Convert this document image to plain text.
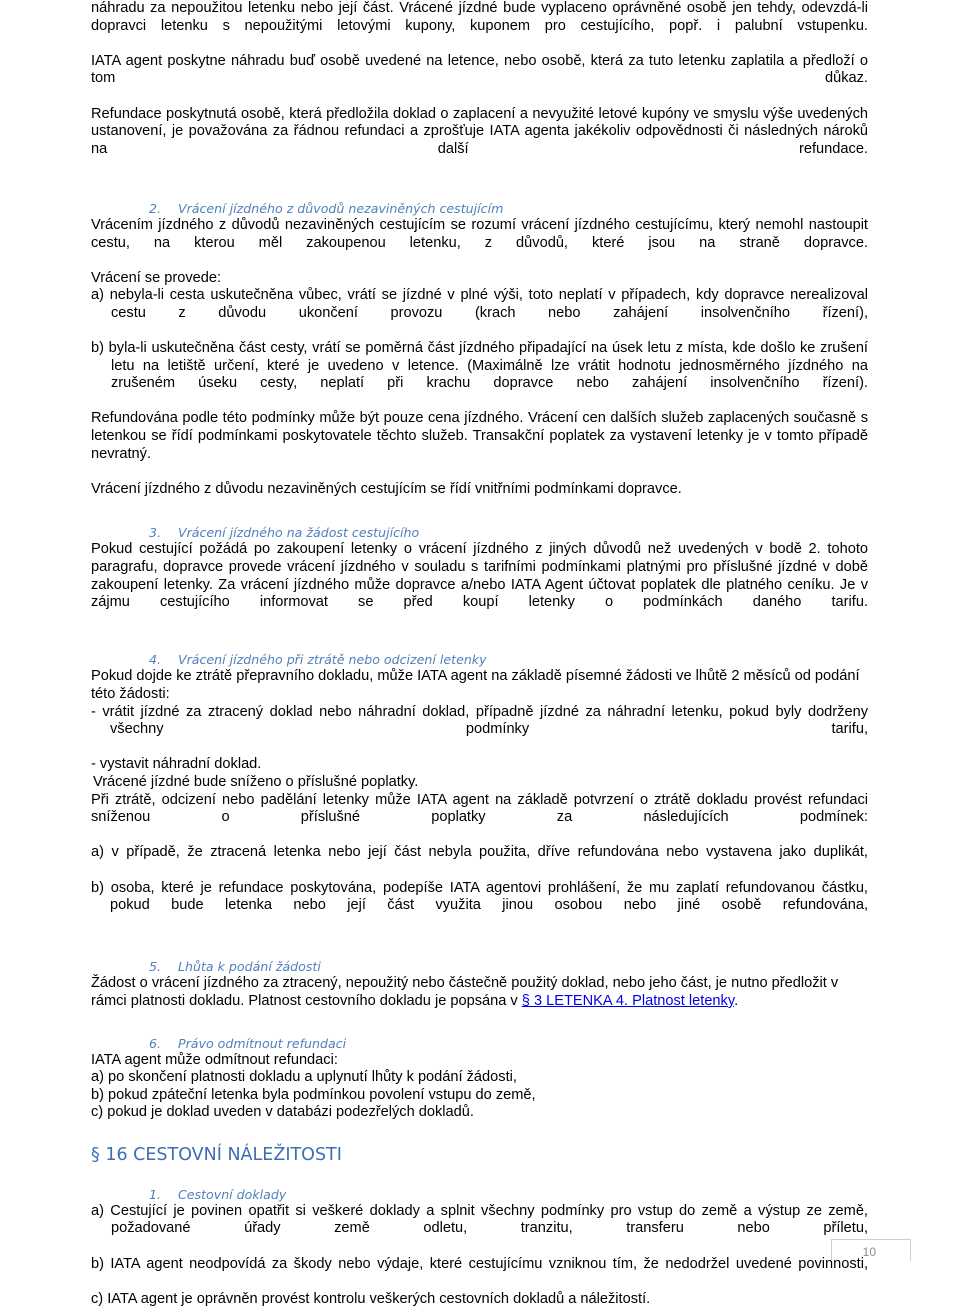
náhradu za nepoužitou letenku nebo její část. Vrácené jízdné bude vyplaceno oprávněné osobě jen tehdy, odevzdá-li dopravci letenku s nepoužitými letovými kupony, kuponem pro cestujícího, popř. i palubní vstupenku.

IATA agent poskytne náhradu buď osobě uvedené na letence, nebo osobě, která za tuto letenku zaplatila a předloží o tom důkaz.

Refundace poskytnutá osobě, která předložila doklad o zaplacení a nevyužité letové kupóny ve smyslu výše uvedených ustanovení, je považována za řádnou refundaci a zprošťuje IATA agenta jakékoliv odpovědnosti či následných nároků na další refundace.

2. Vrácení jízdného z důvodů nezaviněných cestujícím

Vrácením jízdného z důvodů nezaviněných cestujícím se rozumí vrácení jízdného cestujícímu, který nemohl nastoupit cestu, na kterou měl zakoupenou letenku, z důvodů, které jsou na straně dopravce.

Vrácení se provede:

a) nebyla-li cesta uskutečněna vůbec, vrátí se jízdné v plné výši, toto neplatí v případech, kdy dopravce nerealizoval cestu z důvodu ukončení provozu (krach nebo zahájení insolvenčního řízení),

b) byla-li uskutečněna část cesty, vrátí se poměrná část jízdného připadající na úsek letu z místa, kde došlo ke zrušení letu na letiště určení, které je uvedeno v letence. (Maximálně lze vrátit hodnotu jednosměrného jízdného na zrušeném úseku cesty, neplatí při krachu dopravce nebo zahájení insolvenčního řízení).

Refundována podle této podmínky může být pouze cena jízdného. Vrácení cen dalších služeb zaplacených současně s letenkou se řídí podmínkami poskytovatele těchto služeb. Transakční poplatek za vystavení letenky je v tomto případě nevratný.

Vrácení jízdného z důvodu nezaviněných cestujícím se řídí vnitřními podmínkami dopravce.

3. Vrácení jízdného na žádost cestujícího

Pokud cestující požádá po zakoupení letenky o vrácení jízdného z jiných důvodů než uvedených v bodě 2. tohoto paragrafu, dopravce provede vrácení jízdného v souladu s tarifními podmínkami platnými pro příslušné jízdné v době zakoupení letenky. Za vrácení jízdného může dopravce a/nebo IATA Agent účtovat poplatek dle platného ceníku. Je v zájmu cestujícího informovat se před koupí letenky o podmínkách daného tarifu.

4. Vrácení jízdného při ztrátě nebo odcizení letenky

Pokud dojde ke ztrátě přepravního dokladu, může IATA agent na základě písemné žádosti ve lhůtě 2 měsíců od podání

této žádosti:

- vrátit jízdné za ztracený doklad nebo náhradní doklad, případně jízdné za náhradní letenku, pokud byly dodrženy všechny podmínky tarifu,

- vystavit náhradní doklad.

Vrácené jízdné bude sníženo o příslušné poplatky.

Při ztrátě, odcizení nebo padělání letenky může IATA agent na základě potvrzení o ztrátě dokladu provést refundaci sníženou o příslušné poplatky za následujících podmínek:

a) v případě, že ztracená letenka nebo její část nebyla použita, dříve refundována nebo vystavena jako duplikát,

b) osoba, které je refundace poskytována, podepíše IATA agentovi prohlášení, že mu zaplatí refundovanou částku, pokud bude letenka nebo její část využita jinou osobou nebo jiné osobě refundována,

5. Lhůta k podání žádosti

Žádost o vrácení jízdného za ztracený, nepoužitý nebo částečně použitý doklad, nebo jeho část, je nutno předložit v rámci platnosti dokladu. Platnost cestovního dokladu je popsána v § 3 LETENKA 4. Platnost letenky.

6. Právo odmítnout refundaci

IATA agent může odmítnout refundaci:

a) po skončení platnosti dokladu a uplynutí lhůty k podání žádosti,

b) pokud zpáteční letenka byla podmínkou povolení vstupu do země,

c) pokud je doklad uveden v databázi podezřelých dokladů.

§ 16 CESTOVNÍ NÁLEŽITOSTI
1. Cestovní doklady

a) Cestující je povinen opatřit si veškeré doklady a splnit všechny podmínky pro vstup do země a výstup ze země, požadované úřady země odletu, tranzitu, transferu nebo příletu,

b) IATA agent neodpovídá za škody nebo výdaje, které cestujícímu vzniknou tím, že nedodržel uvedené povinnosti,

c) IATA agent je oprávněn provést kontrolu veškerých cestovních dokladů a náležitostí.

10
